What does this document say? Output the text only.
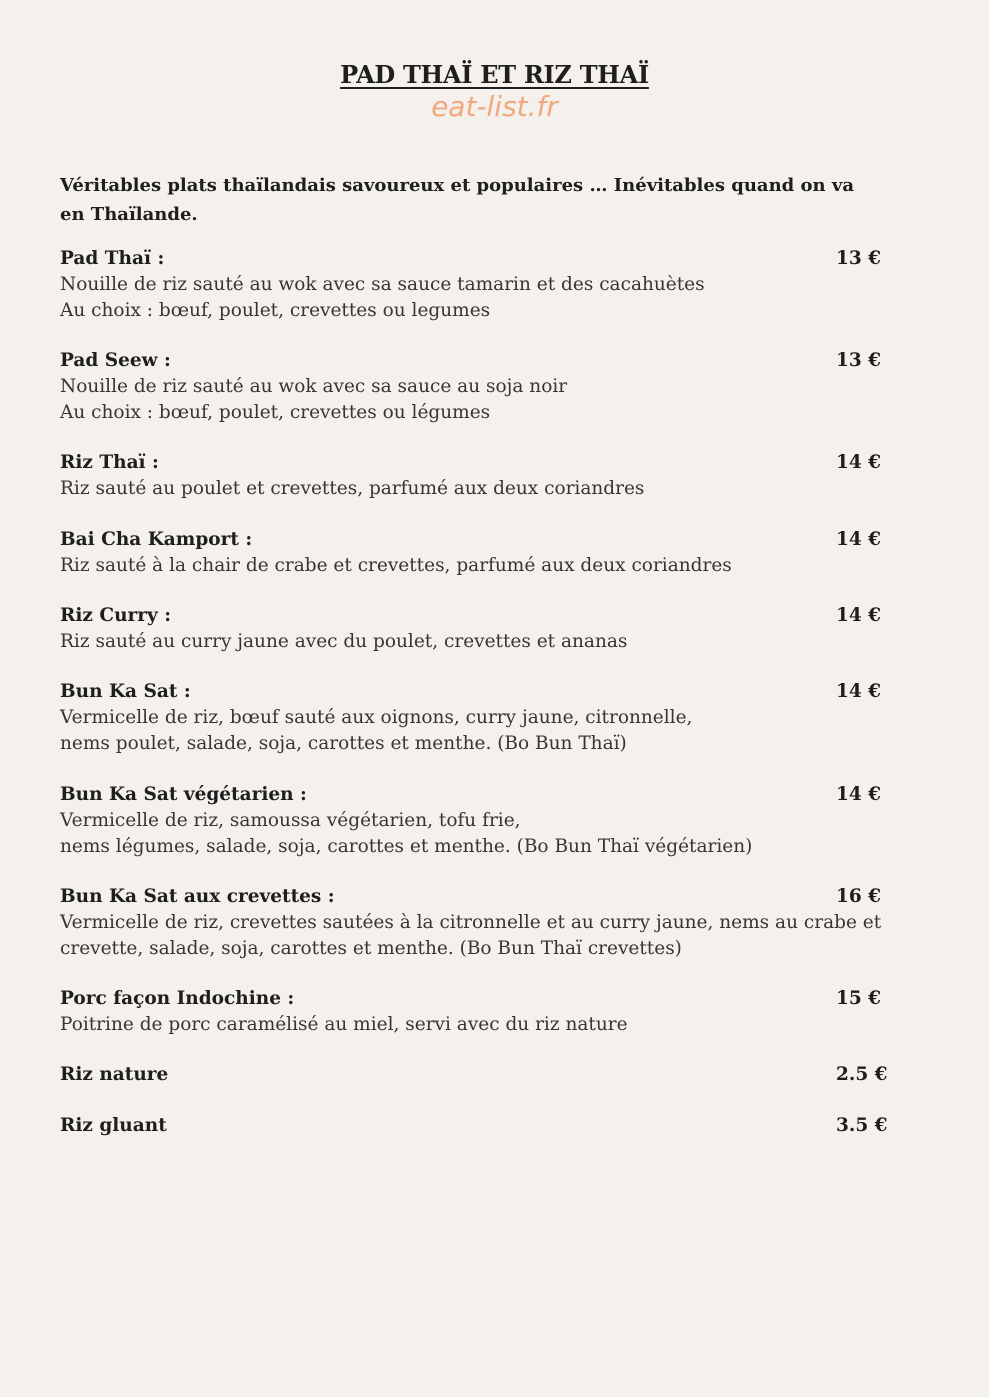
PAD THAÏ ET RIZ THAÏ
eat-list.fr
Véritables plats thaïlandais savoureux et populaires … Inévitables quand on va en Thaïlande.
Pad Thaï :	13 €
Nouille de riz sauté au wok avec sa sauce tamarin et des cacahuètes
Au choix : bœuf, poulet, crevettes ou legumes
Pad Seew :	13 €
Nouille de riz sauté au wok avec sa sauce au soja noir
Au choix : bœuf, poulet, crevettes ou légumes
Riz Thaï :	14 €
Riz sauté au poulet et crevettes, parfumé aux deux coriandres
Bai Cha Kamport :	14 €
Riz sauté à la chair de crabe et crevettes, parfumé aux deux coriandres
Riz Curry :	14 €
Riz sauté au curry jaune avec du poulet, crevettes et ananas
Bun Ka Sat :	14 €
Vermicelle de riz, bœuf sauté aux oignons, curry jaune, citronnelle,
nems poulet, salade, soja, carottes et menthe. (Bo Bun Thaï)
Bun Ka Sat végétarien :	14 €
Vermicelle de riz, samoussa végétarien, tofu frie,
nems légumes, salade, soja, carottes et menthe. (Bo Bun Thaï végétarien)
Bun Ka Sat aux crevettes :	16 €
Vermicelle de riz, crevettes sautées à la citronnelle et au curry jaune, nems au crabe et
crevette, salade, soja, carottes et menthe. (Bo Bun Thaï crevettes)
Porc façon Indochine :	15 €
Poitrine de porc caramélisé au miel, servi avec du riz nature
Riz nature	2.5 €
Riz gluant	3.5 €
